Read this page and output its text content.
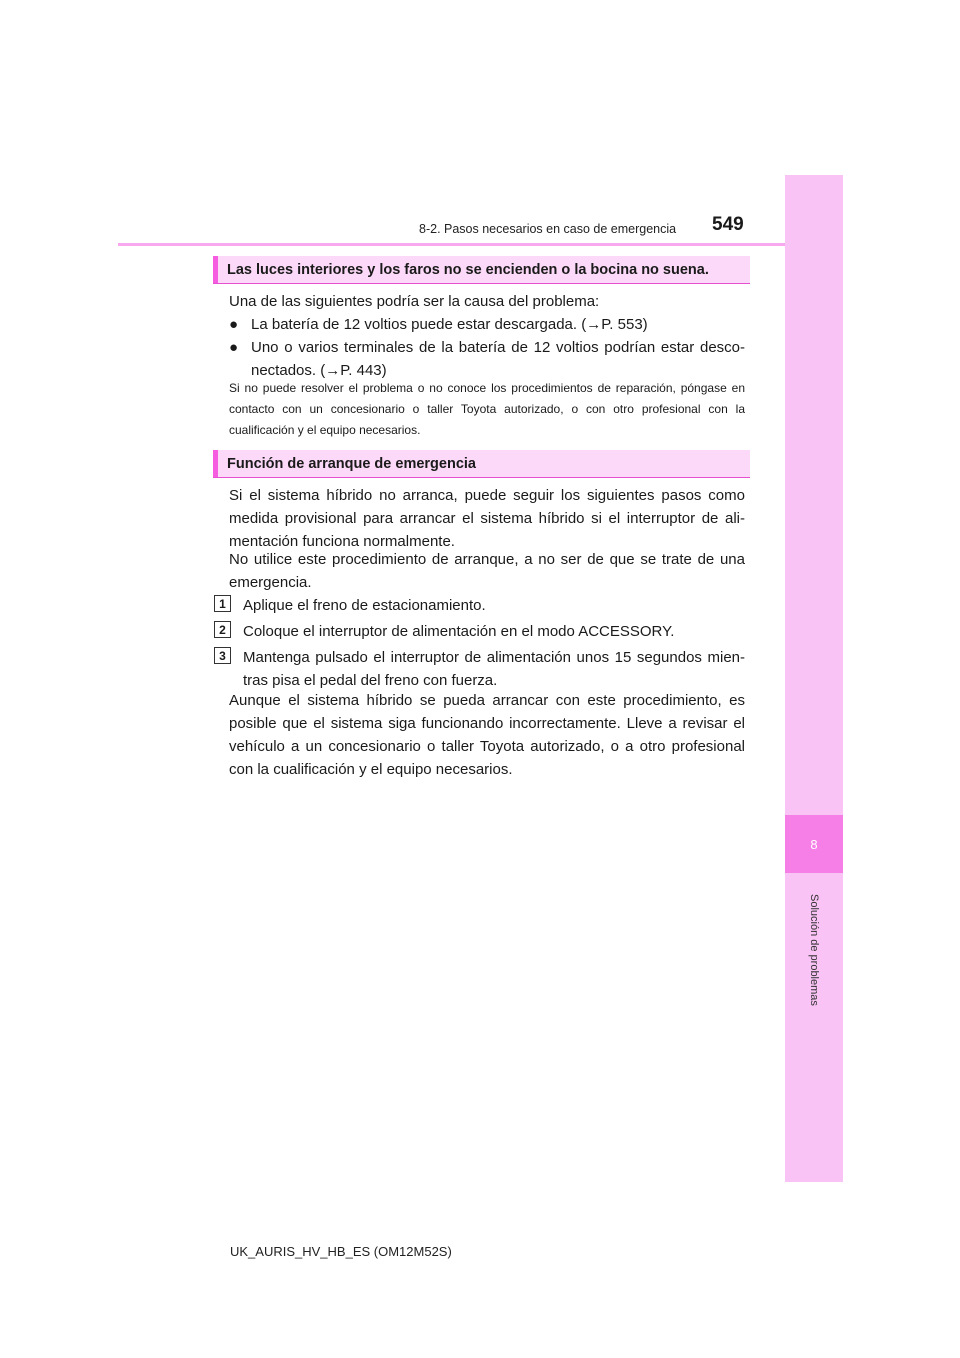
8
Solución de problemas
8-2. Pasos necesarios en caso de emergencia 549
Las luces interiores y los faros no se encienden o la bocina no suena.

Una de las siguientes podría ser la causa del problema:

● La batería de 12 voltios puede estar descargada. (→P. 553)
● Uno o varios terminales de la batería de 12 voltios podrían estar desco-nectados. (→P. 443)

Si no puede resolver el problema o no conoce los procedimientos de reparación, póngase en contacto con un concesionario o taller Toyota autorizado, o con otro profesional con la cualificación y el equipo necesarios.

Función de arranque de emergencia

Si el sistema híbrido no arranca, puede seguir los siguientes pasos como medida provisional para arrancar el sistema híbrido si el interruptor de ali-mentación funciona normalmente.

No utilice este procedimiento de arranque, a no ser de que se trate de una emergencia.

1	Aplique el freno de estacionamiento.

2	Coloque el interruptor de alimentación en el modo ACCESSORY.

3	Mantenga pulsado el interruptor de alimentación unos 15 segundos mien-tras pisa el pedal del freno con fuerza.

Aunque el sistema híbrido se pueda arrancar con este procedimiento, es posible que el sistema siga funcionando incorrectamente. Lleve a revisar el vehículo a un concesionario o taller Toyota autorizado, o a otro profesional con la cualificación y el equipo necesarios.

UK_AURIS_HV_HB_ES (OM12M52S)
